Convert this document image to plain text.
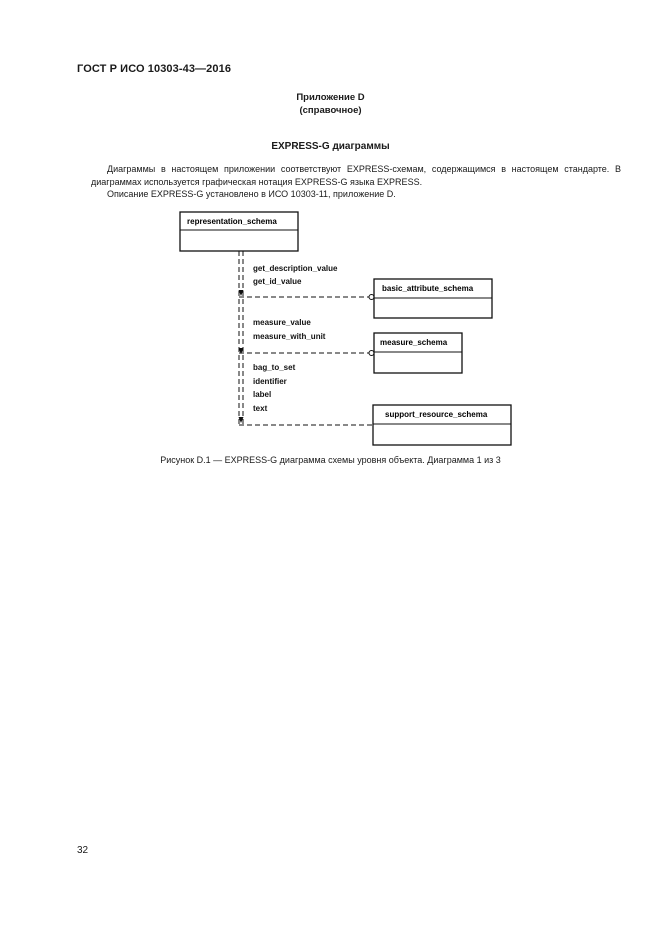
ГОСТ Р ИСО 10303-43—2016
Приложение D
(справочное)
EXPRESS-G диаграммы
Диаграммы в настоящем приложении соответствуют EXPRESS-схемам, содержащимся в настоящем стандарте. В диаграммах используется графическая нотация EXPRESS-G языка EXPRESS.
Описание EXPRESS-G установлено в ИСО 10303-11, приложение D.
representation_schema
basic_attribute_schema
measure_schema
support_resource_schema
get_description_value
get_id_value
measure_value
measure_with_unit
bag_to_set
identifier
label
text
Рисунок D.1 — EXPRESS-G диаграмма схемы уровня объекта. Диаграмма 1 из 3
32
